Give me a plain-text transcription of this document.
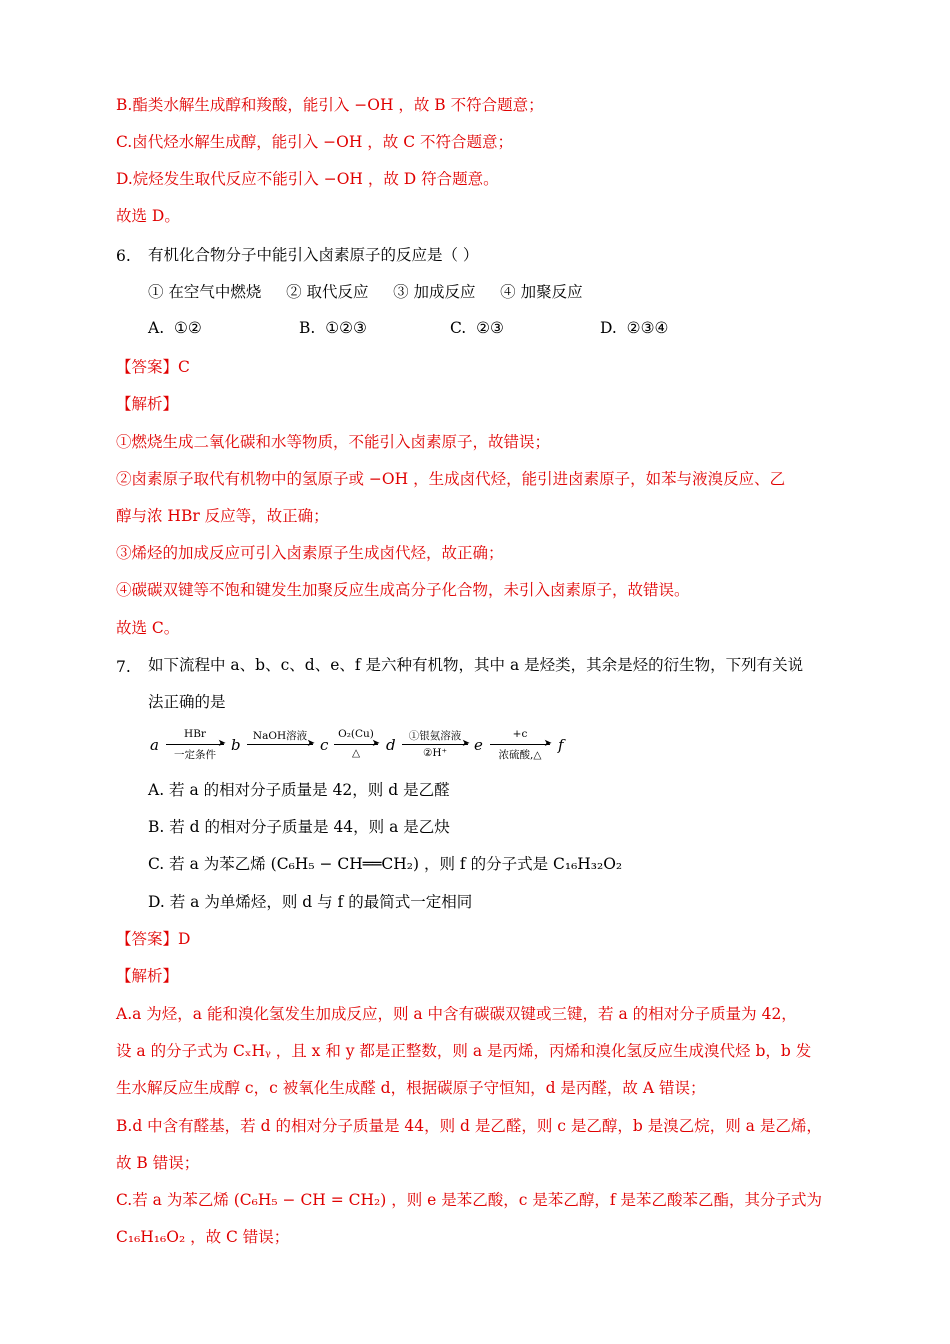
B.酯类水解生成醇和羧酸，能引入 −OH ，故 B 不符合题意；
C.卤代烃水解生成醇，能引入 −OH ，故 C 不符合题意；
D.烷烃发生取代反应不能引入 −OH ，故 D 符合题意。
故选 D。
6. 有机化合物分子中能引入卤素原子的反应是（ ）
① 在空气中燃烧     ② 取代反应     ③ 加成反应     ④ 加聚反应
A. ①②	B. ①②③	C. ②③	D. ②③④
【答案】C
【解析】
①燃烧生成二氧化碳和水等物质，不能引入卤素原子，故错误；
②卤素原子取代有机物中的氢原子或 −OH ，生成卤代烃，能引进卤素原子，如苯与液溴反应、乙
醇与浓 HBr 反应等，故正确；
③烯烃的加成反应可引入卤素原子生成卤代烃，故正确；
④碳碳双键等不饱和键发生加聚反应生成高分子化合物，未引入卤素原子，故错误。
故选 C。
7. 如下流程中 a、b、c、d、e、f 是六种有机物，其中 a 是烃类，其余是烃的衍生物，下列有关说
法正确的是
a
HBr
➤
一定条件
b	NaOH溶液
➤ c
O₂(Cu)
➤
△	d	①银氨溶液
➤
②H⁺	e
+c
➤
浓硫酸,△
f
A. 若 a 的相对分子质量是 42，则 d 是乙醛
B. 若 d 的相对分子质量是 44，则 a 是乙炔
C. 若 a 为苯乙烯 (C₆H₅ − CH══CH₂) ，则 f 的分子式是 C₁₆H₃₂O₂
D. 若 a 为单烯烃，则 d 与 f 的最简式一定相同
【答案】D
【解析】
A.a 为烃，a 能和溴化氢发生加成反应，则 a 中含有碳碳双键或三键，若 a 的相对分子质量为 42，
设 a 的分子式为 CₓHᵧ ，且 x 和 y 都是正整数，则 a 是丙烯，丙烯和溴化氢反应生成溴代烃 b，b 发
生水解反应生成醇 c，c 被氧化生成醛 d，根据碳原子守恒知，d 是丙醛，故 A 错误；
B.d 中含有醛基，若 d 的相对分子质量是 44，则 d 是乙醛，则 c 是乙醇，b 是溴乙烷，则 a 是乙烯，
故 B 错误；
C.若 a 为苯乙烯 (C₆H₅ − CH = CH₂) ，则 e 是苯乙酸，c 是苯乙醇，f 是苯乙酸苯乙酯，其分子式为
C₁₆H₁₆O₂ ，故 C 错误；
